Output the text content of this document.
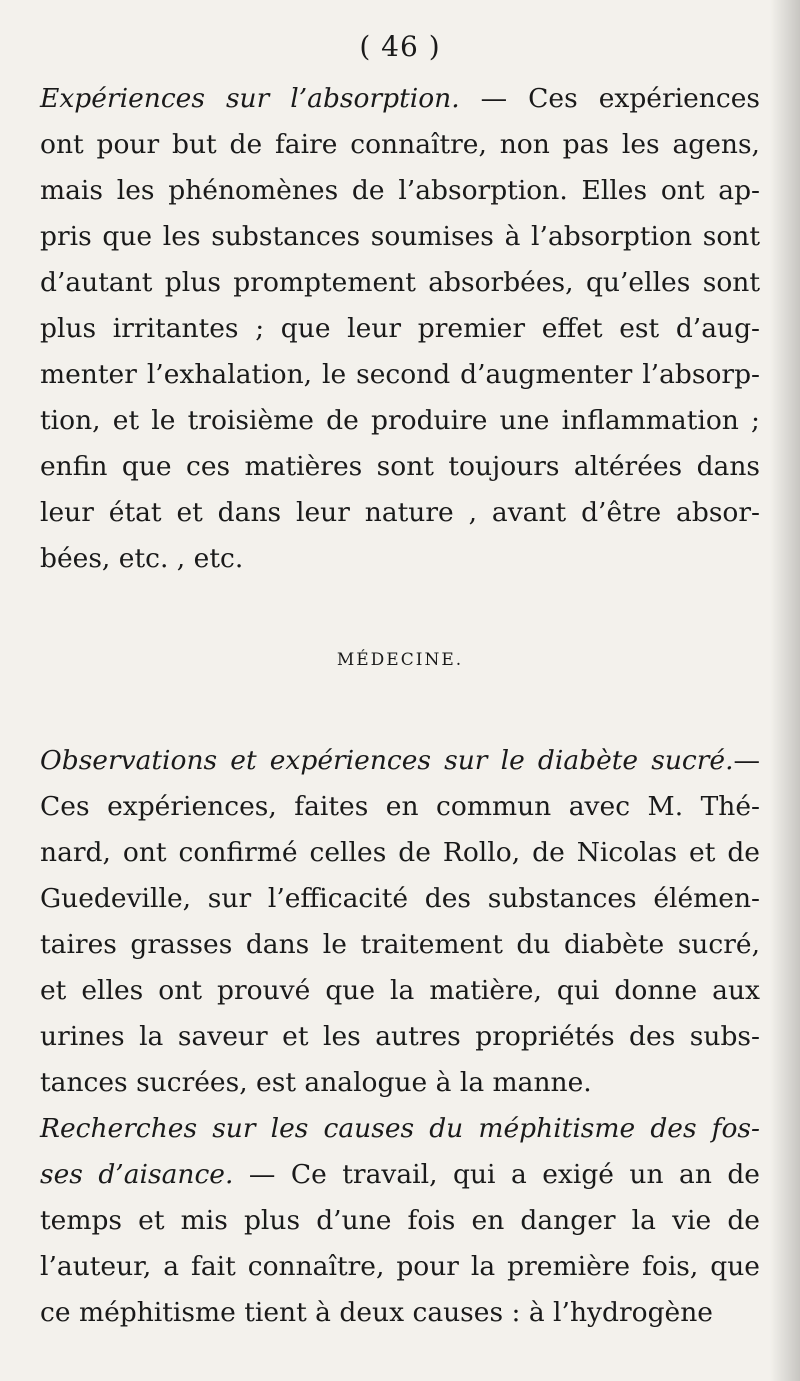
( 46 )
Expériences sur l’absorption. — Ces expériences
ont pour but de faire connaître, non pas les agens,
mais les phénomènes de l’absorption. Elles ont ap-
pris que les substances soumises à l’absorption sont
d’autant plus promptement absorbées, qu’elles sont
plus irritantes ; que leur premier effet est d’aug-
menter l’exhalation, le second d’augmenter l’absorp-
tion, et le troisième de produire une inflammation ;
enfin que ces matières sont toujours altérées dans
leur état et dans leur nature , avant d’être absor-
bées, etc. , etc.
MÉDECINE.
Observations et expériences sur le diabète sucré.—
Ces expériences, faites en commun avec M. Thé-
nard, ont confirmé celles de Rollo, de Nicolas et de
Guedeville, sur l’efficacité des substances élémen-
taires grasses dans le traitement du diabète sucré,
et elles ont prouvé que la matière, qui donne aux
urines la saveur et les autres propriétés des subs-
tances sucrées, est analogue à la manne.
Recherches sur les causes du méphitisme des fos-
ses d’aisance. — Ce travail, qui a exigé un an de
temps et mis plus d’une fois en danger la vie de
l’auteur, a fait connaître, pour la première fois, que
ce méphitisme tient à deux causes : à l’hydrogène
